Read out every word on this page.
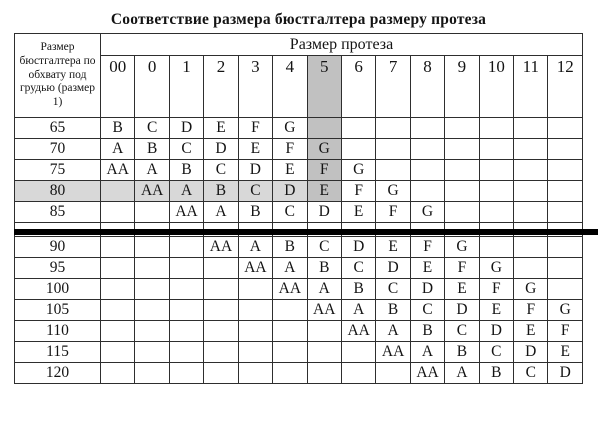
Соответствие размера бюстгалтера размеру протеза
Размер бюстгалтера по обхвату под грудью (размер 1)	Размер протеза													
	00	0	1	2	3	4	5	6	7	8	9	10	11	12
65	B	C	D	E	F	G								
70	A	B	C	D	E	F	G							
75	AA	A	B	C	D	E	F	G						
80		AA	A	B	C	D	E	F	G					
85			AA	A	B	C	D	E	F	G				

90				AA	A	B	C	D	E	F	G			
95					AA	A	B	C	D	E	F	G		
100						AA	A	B	C	D	E	F	G	
105							AA	A	B	C	D	E	F	G
110								AA	A	B	C	D	E	F
115									AA	A	B	C	D	E
120										AA	A	B	C	D
